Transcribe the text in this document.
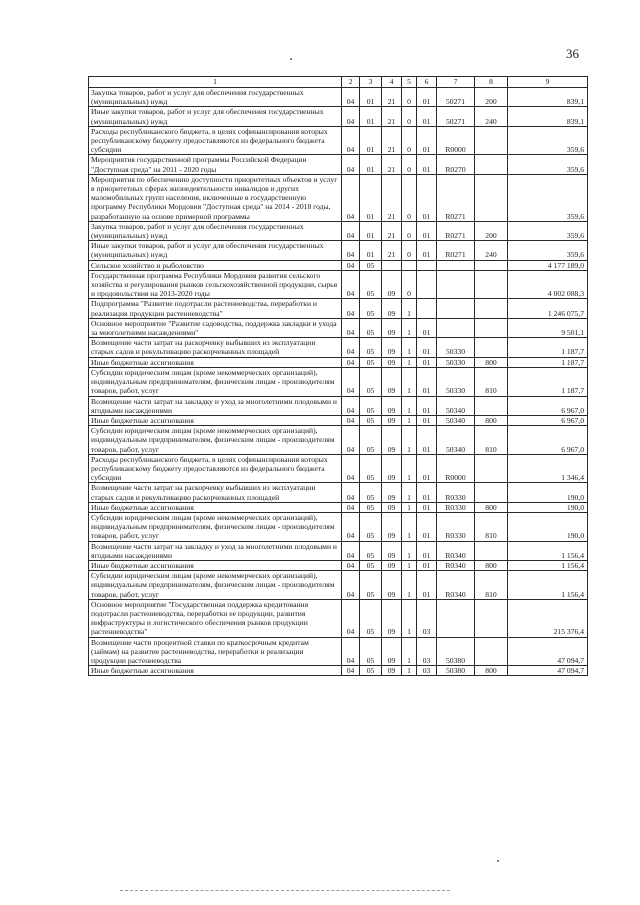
36
1	2	3	4	5	6	7	8	9
Закупка товаров, работ и услуг для обеспечения государственных (муниципальных) нужд	04	01	21	0	01	50271	200	839,1
Иные закупки товаров, работ и услуг для обеспечения государственных (муниципальных) нужд	04	01	21	0	01	50271	240	839,1
Расходы республиканского бюджета, в целях софинансирования которых республиканскому бюджету предоставляются из федерального бюджета субсидии	04	01	21	0	01	R0000		359,6
Мероприятия государственной программы Российской Федерации "Доступная среда" на 2011 - 2020 годы	04	01	21	0	01	R0270		359,6
Мероприятия по обеспечению доступности приоритетных объектов и услуг в приоритетных сферах жизнедеятельности инвалидов и других маломобильных групп населения, включенные в государственную программу Республики Мордовия "Доступная среда" на 2014 - 2018 годы, разработанную на основе примерной программы	04	01	21	0	01	R0271		359,6
Закупка товаров, работ и услуг для обеспечения государственных (муниципальных) нужд	04	01	21	0	01	R0271	200	359,6
Иные закупки товаров, работ и услуг для обеспечения государственных (муниципальных) нужд	04	01	21	0	01	R0271	240	359,6
Сельское хозяйство и рыболовство	04	05						4 177 189,0
Государственная программа Республики Мордовия развития сельского хозяйства и регулирования рынков сельскохозяйственной продукции, сырья и продовольствия на 2013-2020 годы	04	05	09	0				4 002 088,3
Подпрограмма "Развитие подотрасли растениеводства, переработки и реализация продукции растениеводства"	04	05	09	1				1 246 075,7
Основное мероприятие "Развитие садоводства, поддержка закладки и ухода за многолетними насаждениями"	04	05	09	1	01			9 501,1
Возмещение части затрат на раскорчевку выбывших из эксплуатации старых садов и рекультивацию раскорчеванных площадей	04	05	09	1	01	50330		1 187,7
Иные бюджетные ассигнования	04	05	09	1	01	50330	800	1 187,7
Субсидии юридическим лицам (кроме некоммерческих организаций), индивидуальным предпринимателям, физическим лицам - производителям товаров, работ, услуг	04	05	09	1	01	50330	810	1 187,7
Возмещение части затрат на закладку и уход за многолетними плодовыми и ягодными насаждениями	04	05	09	1	01	50340		6 967,0
Иные бюджетные ассигнования	04	05	09	1	01	50340	800	6 967,0
Субсидии юридическим лицам (кроме некоммерческих организаций), индивидуальным предпринимателям, физическим лицам - производителям товаров, работ, услуг	04	05	09	1	01	50340	810	6 967,0
Расходы республиканского бюджета, в целях софинансирования которых республиканскому бюджету предоставляются из федерального бюджета субсидии	04	05	09	1	01	R0000		1 346,4
Возмещение части затрат на раскорчевку выбывших из эксплуатации старых садов и рекультивацию раскорчеванных площадей	04	05	09	1	01	R0330		190,0
Иные бюджетные ассигнования	04	05	09	1	01	R0330	800	190,0
Субсидии юридическим лицам (кроме некоммерческих организаций), индивидуальным предпринимателям, физическим лицам - производителям товаров, работ, услуг	04	05	09	1	01	R0330	810	190,0
Возмещение части затрат на закладку и уход за многолетними плодовыми и ягодными насаждениями	04	05	09	1	01	R0340		1 156,4
Иные бюджетные ассигнования	04	05	09	1	01	R0340	800	1 156,4
Субсидии юридическим лицам (кроме некоммерческих организаций), индивидуальным предпринимателям, физическим лицам - производителям товаров, работ, услуг	04	05	09	1	01	R0340	810	1 156,4
Основное мероприятие "Государственная поддержка кредитования подотрасли растениеводства, переработки ее продукции, развития инфраструктуры и логистического обеспечения рынков продукции растениеводства"	04	05	09	1	03			215 376,4
Возмещение части процентной ставки по краткосрочным кредитам (займам) на развитие растениеводства, переработки и реализации продукции растениеводства	04	05	09	1	03	50380		47 094,7
Иные бюджетные ассигнования	04	05	09	1	03	50380	800	47 094,7
